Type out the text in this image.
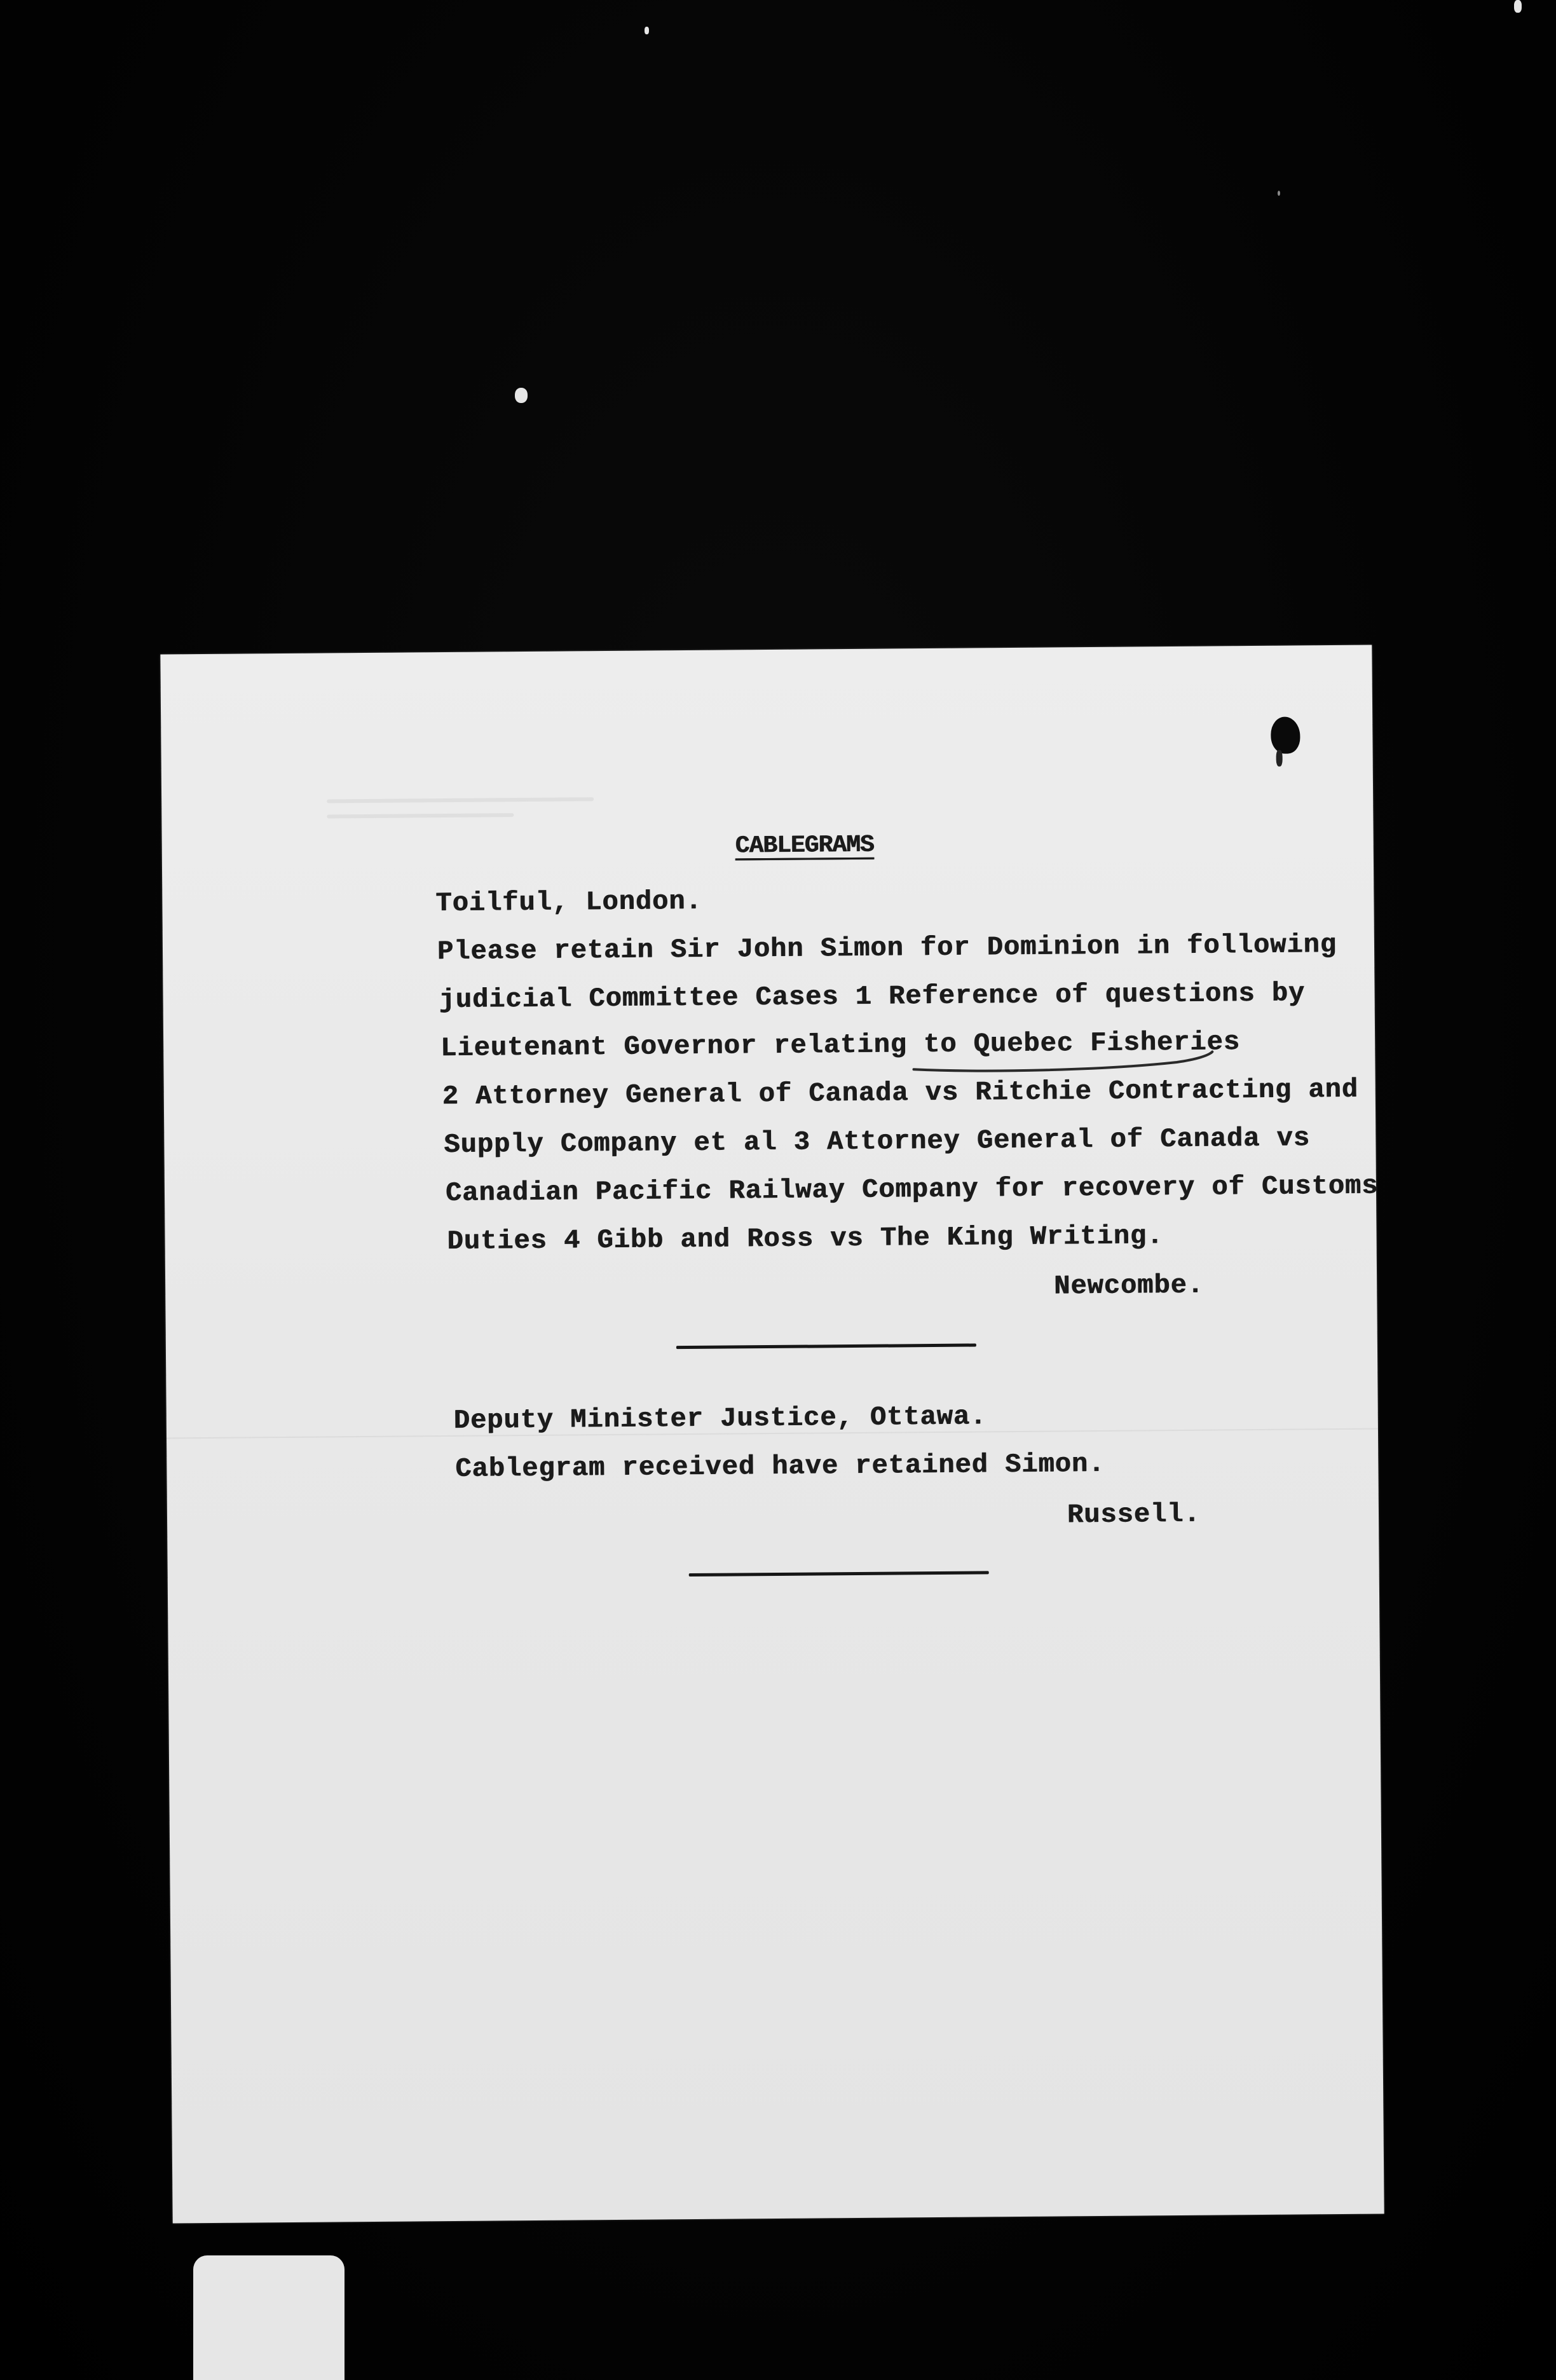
CABLEGRAMS
Toilful, London.
Please retain Sir John Simon for Dominion in following
judicial Committee Cases 1 Reference of questions by
Lieutenant Governor relating to Quebec Fisheries
2 Attorney General of Canada vs Ritchie Contracting and
Supply Company et al 3 Attorney General of Canada vs
Canadian Pacific Railway Company for recovery of Customs
Duties 4 Gibb and Ross vs The King Writing.
Newcombe.
Deputy Minister Justice, Ottawa.
Cablegram received have retained Simon.
Russell.
